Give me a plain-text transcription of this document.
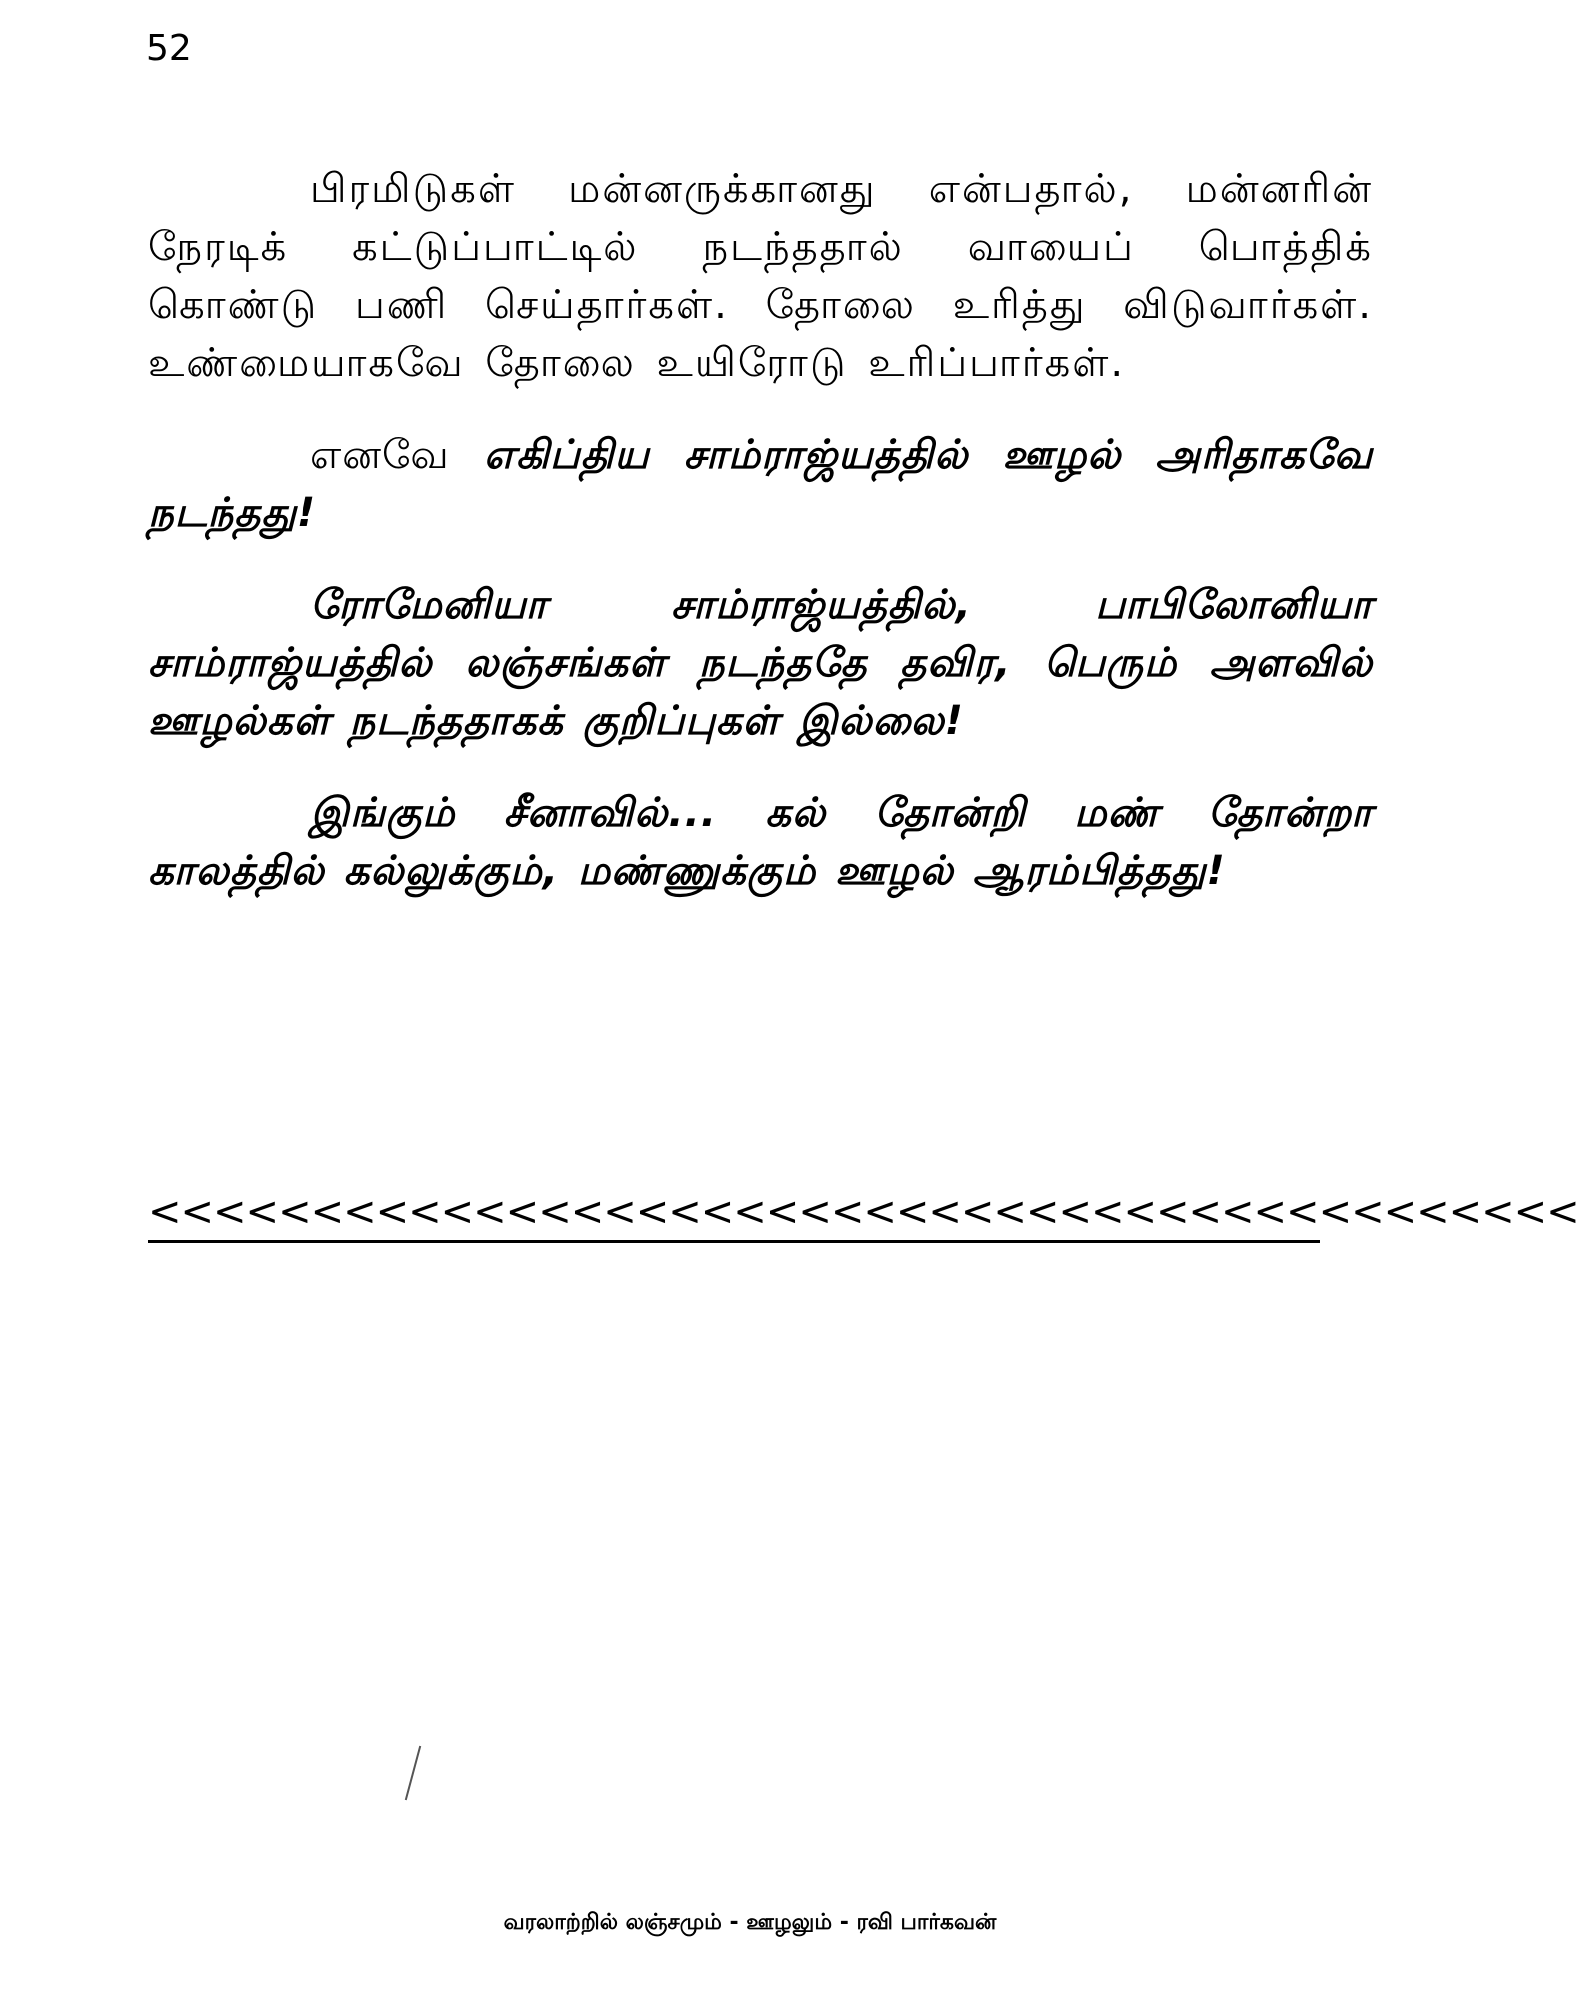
52

பிரமிடுகள் மன்னருக்கானது என்பதால், மன்னரின் நேரடிக் கட்டுப்பாட்டில் நடந்ததால் வாயைப் பொத்திக் கொண்டு பணி செய்தார்கள். தோலை உரித்து விடுவார்கள். உண்மையாகவே தோலை உயிரோடு உரிப்பார்கள்.

எனவே எகிப்திய சாம்ராஜ்யத்தில் ஊழல் அரிதாகவே நடந்தது!

ரோமேனியா சாம்ராஜ்யத்தில், பாபிலோனியா சாம்ராஜ்யத்தில் லஞ்சங்கள் நடந்ததே தவிர, பெரும் அளவில் ஊழல்கள் நடந்ததாகக் குறிப்புகள் இல்லை!

இங்கும் சீனாவில்... கல் தோன்றி மண் தோன்றா காலத்தில் கல்லுக்கும், மண்ணுக்கும் ஊழல் ஆரம்பித்தது!

<<<<<<<<<<<<<<<<<<<<<<<<<<<<<<<<<<<<<<<<<<<<
வரலாற்றில் லஞ்சமும் - ஊழலும் - ரவி பார்கவன்
